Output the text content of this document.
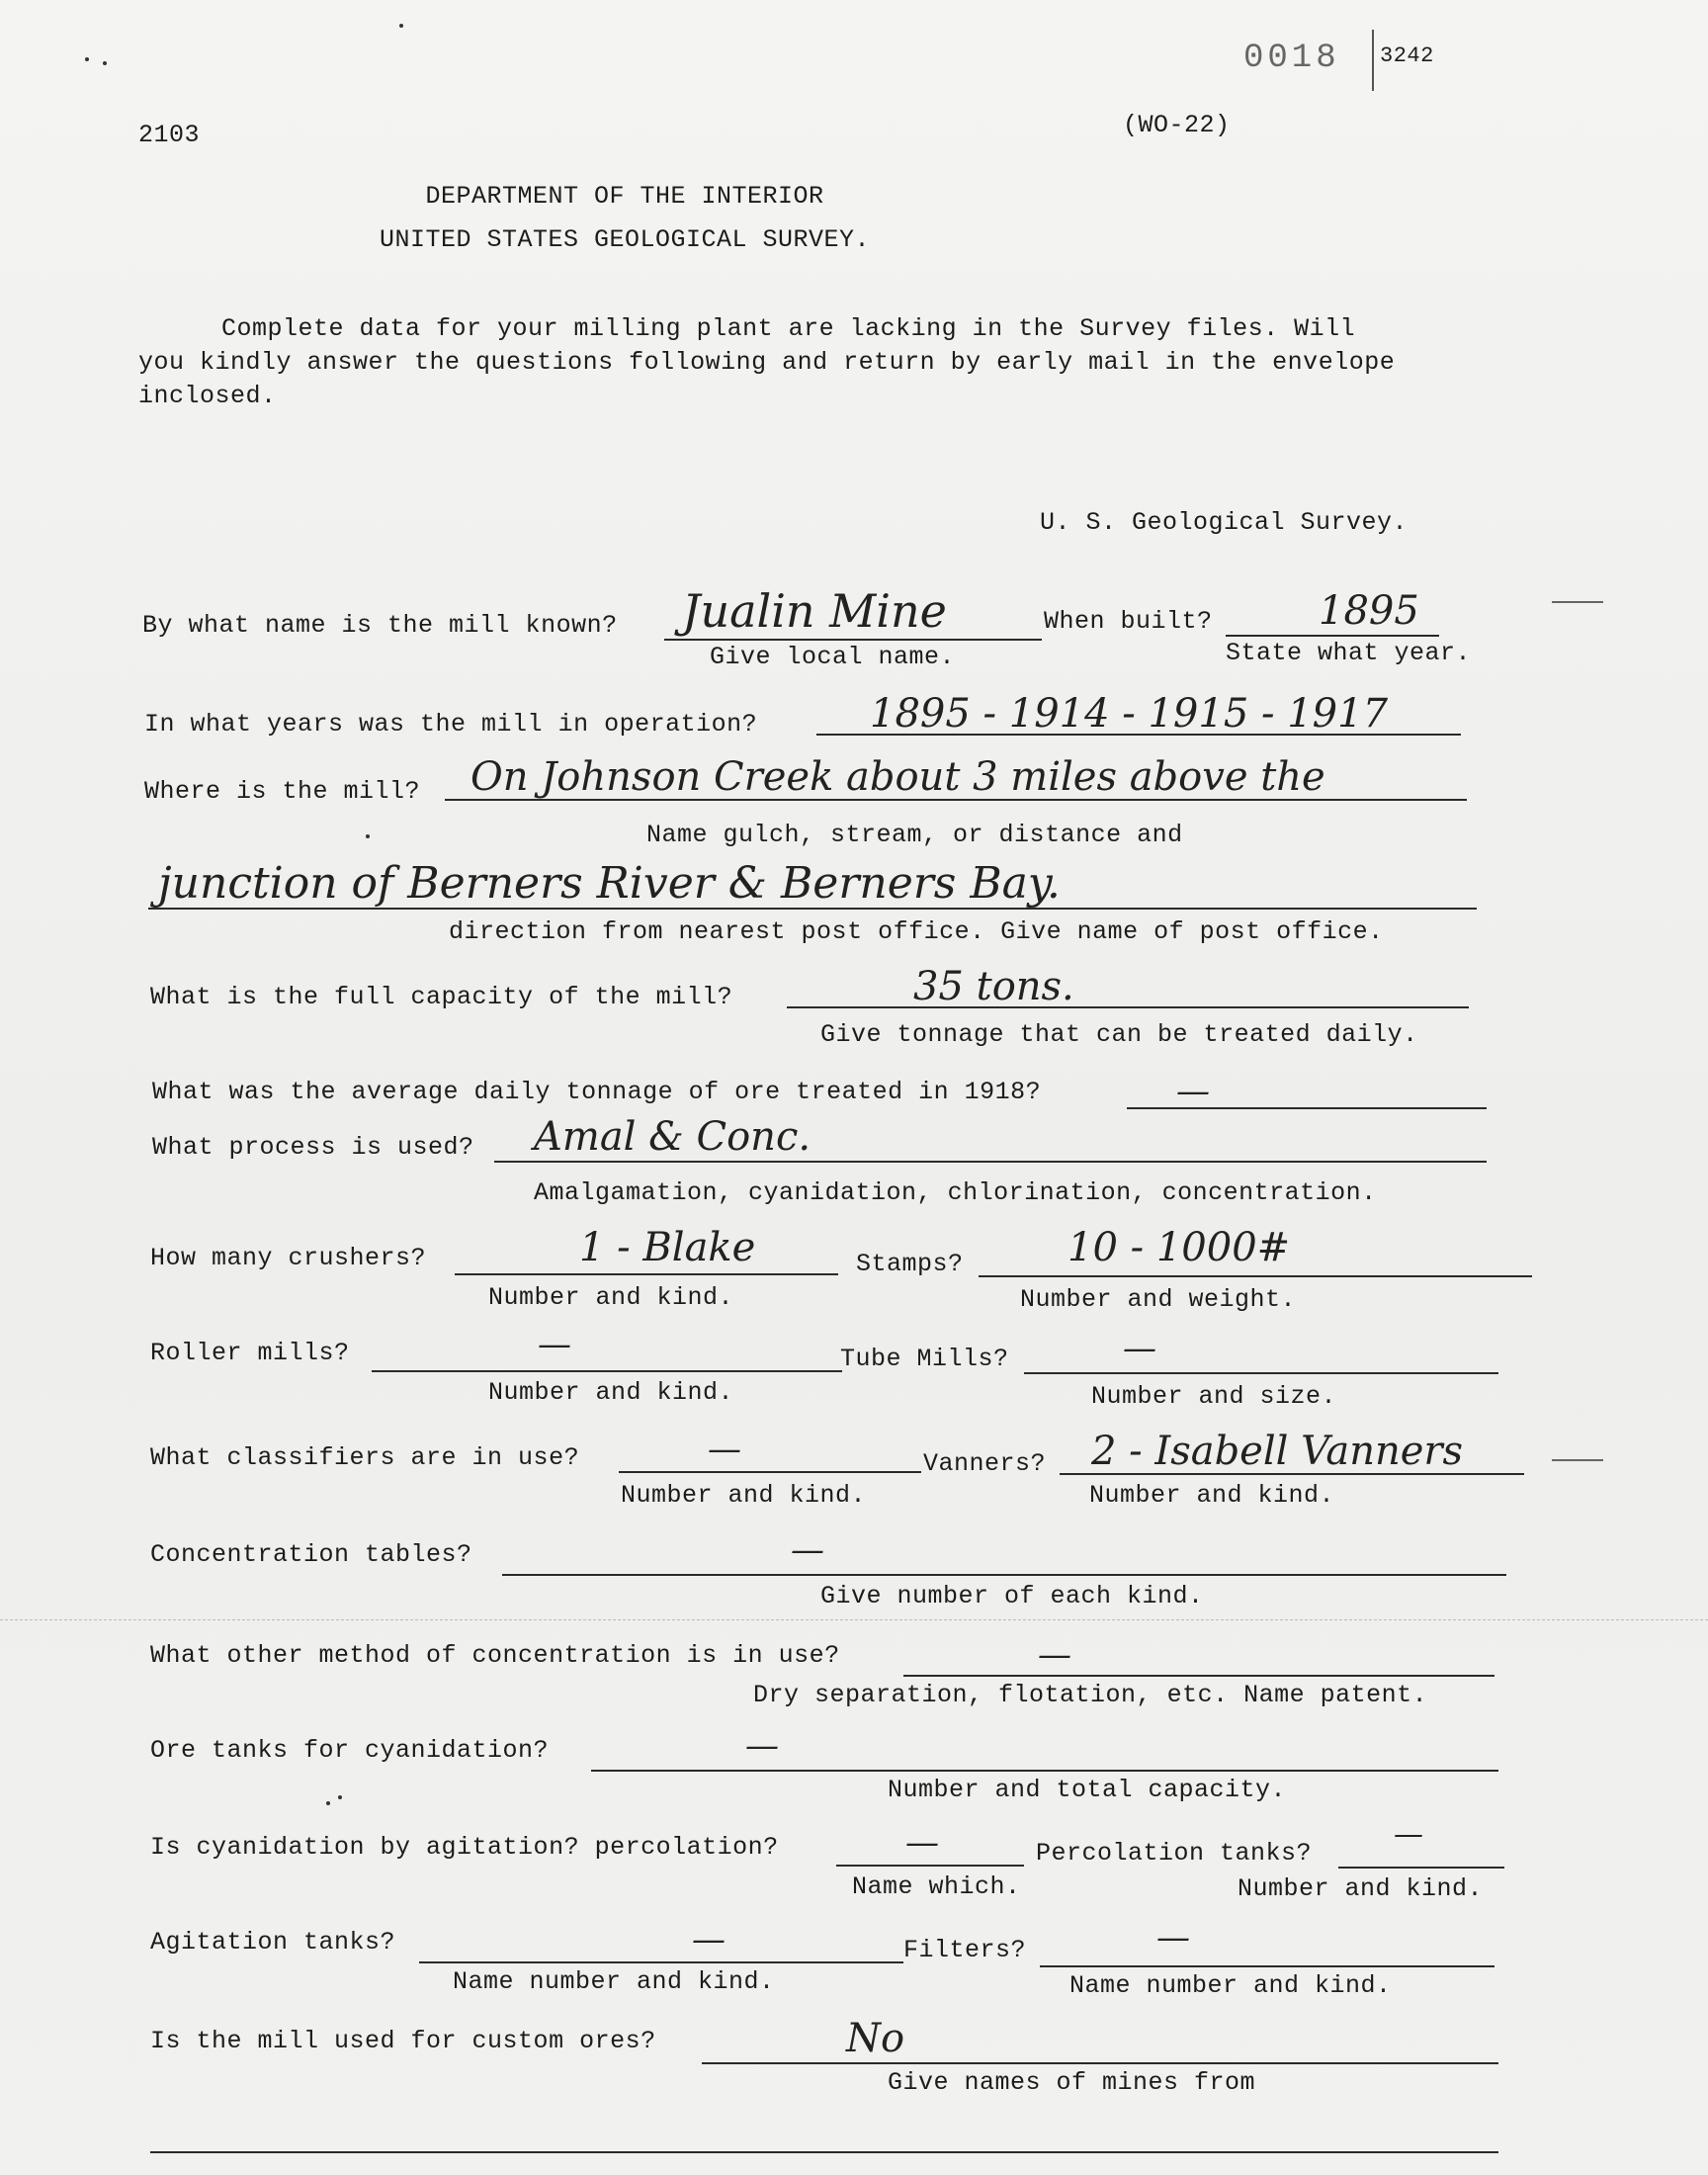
2103	(WO-22)
0018 3242
DEPARTMENT OF THE INTERIOR
UNITED STATES GEOLOGICAL SURVEY.
Complete data for your milling plant are lacking in the Survey files. Will
you kindly answer the questions following and return by early mail in the envelope
inclosed.
U. S. Geological Survey.
By what name is the mill known? Jualin Mine
Give local name.
When built?	1895
State what year.
In what years was the mill in operation?	1895 - 1914 - 1915 - 1917
Where is the mill? On Johnson Creek about 3 miles above the
Name gulch, stream, or distance and
junction of Berners River & Berners Bay.
direction from nearest post office. Give name of post office.
What is the full capacity of the mill?	35 tons.
Give tonnage that can be treated daily.
What was the average daily tonnage of ore treated in 1918?	—
What process is used? Amal & Conc.
Amalgamation, cyanidation, chlorination, concentration.
How many crushers?	1 - Blake
Number and kind.
Stamps?	10 - 1000#
Number and weight.
Roller mills?	—
Number and kind.
Tube Mills?	—
Number and size.
What classifiers are in use?	—
Number and kind.
Vanners? 2 - Isabell Vanners
Number and kind.
Concentration tables?	—
Give number of each kind.
What other method of concentration is in use?	—
Dry separation, flotation, etc. Name patent.
Ore tanks for cyanidation?	—
Number and total capacity.
Is cyanidation by agitation? percolation?	—
Name which.
Percolation tanks?
—
Number and kind.
Agitation tanks?	—
Name number and kind.
Filters?	—
Name number and kind.
Is the mill used for custom ores?	No
Give names of mines from
